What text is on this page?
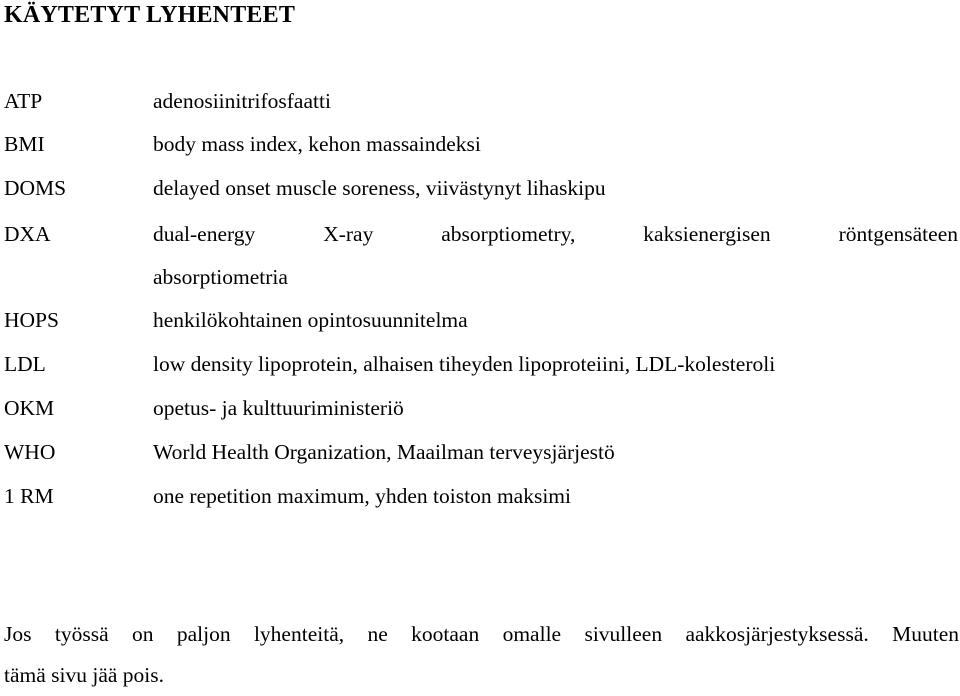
KÄYTETYT LYHENTEET
ATP	adenosiinitrifosfaatti
BMI	body mass index, kehon massaindeksi
DOMS	delayed onset muscle soreness, viivästynyt lihaskipu
DXA	dual-energy X-ray absorptiometry, kaksienergisen röntgensäteen
absorptiometria
HOPS	henkilökohtainen opintosuunnitelma
LDL	low density lipoprotein, alhaisen tiheyden lipoproteiini, LDL-kolesteroli
OKM	opetus- ja kulttuuriministeriö
WHO	World Health Organization, Maailman terveysjärjestö
1 RM	one repetition maximum, yhden toiston maksimi

Jos työssä on paljon lyhenteitä, ne kootaan omalle sivulleen aakkosjärjestyksessä. Muuten
tämä sivu jää pois.
